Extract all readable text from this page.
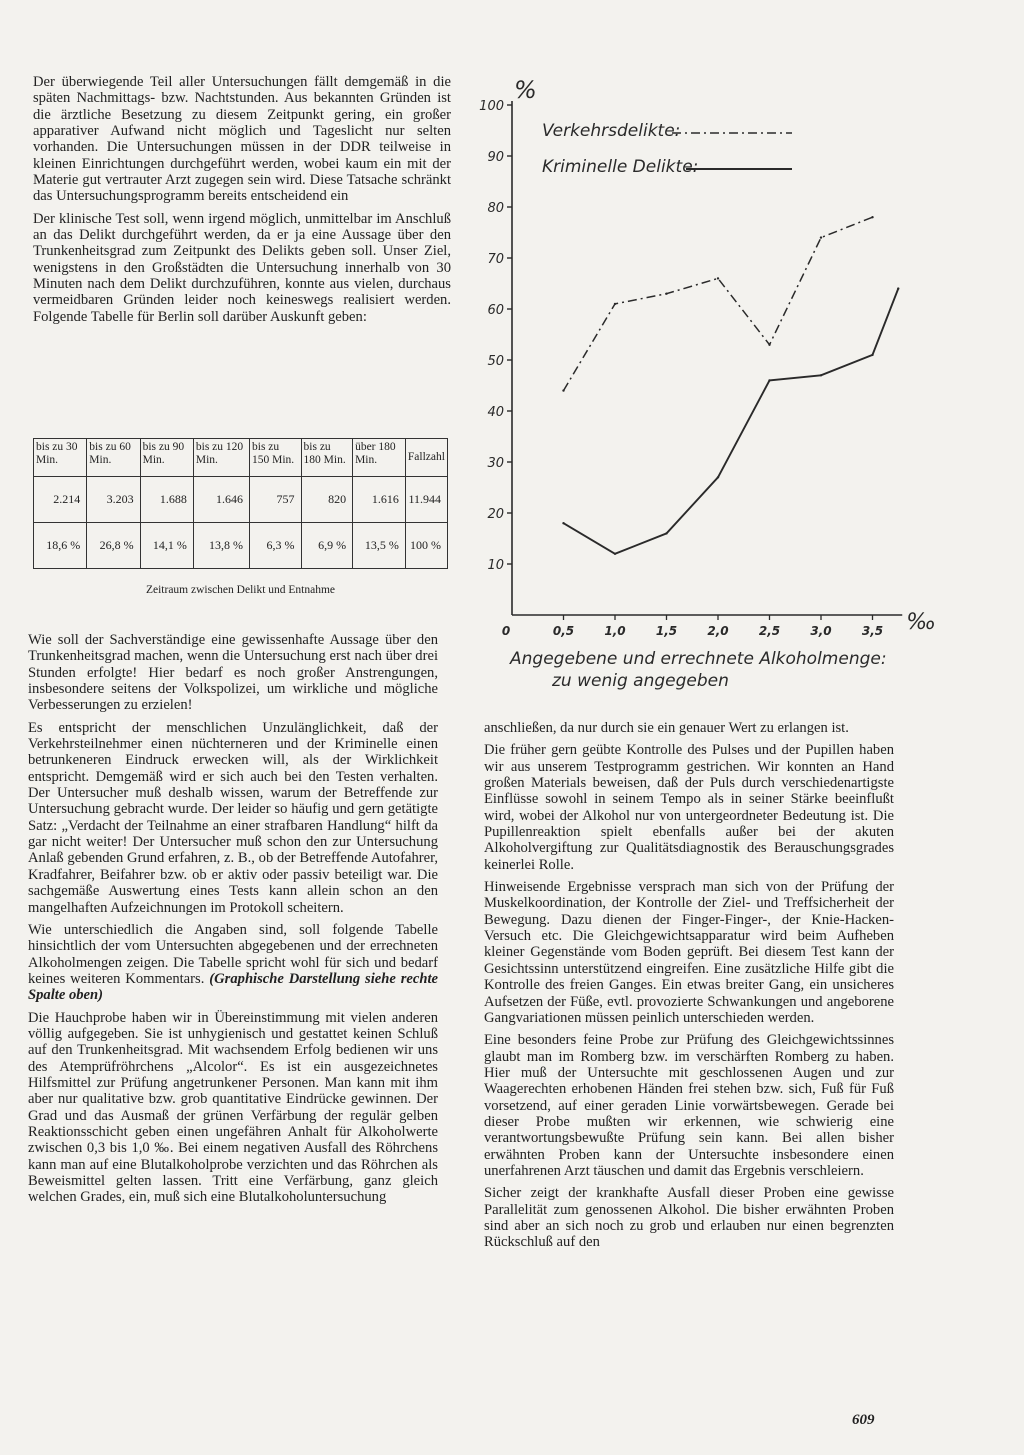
Der überwiegende Teil aller Untersuchungen fällt demgemäß in die späten Nachmittags- bzw. Nachtstunden. Aus bekannten Gründen ist die ärztliche Besetzung zu diesem Zeitpunkt gering, ein großer apparativer Aufwand nicht möglich und Tageslicht nur selten vorhanden. Die Untersuchungen müssen in der DDR teilweise in kleinen Einrichtungen durchgeführt werden, wobei kaum ein mit der Materie gut vertrauter Arzt zugegen sein wird. Diese Tatsache schränkt das Untersuchungsprogramm bereits entscheidend ein

Der klinische Test soll, wenn irgend möglich, unmittelbar im Anschluß an das Delikt durchgeführt werden, da er ja eine Aussage über den Trunkenheitsgrad zum Zeitpunkt des Delikts geben soll. Unser Ziel, wenigstens in den Großstädten die Untersuchung innerhalb von 30 Minuten nach dem Delikt durchzuführen, konnte aus vielen, durchaus vermeidbaren Gründen leider noch keineswegs realisiert werden. Folgende Tabelle für Berlin soll darüber Auskunft geben:

bis zu 30 Min.	bis zu 60 Min.	bis zu 90 Min.	bis zu 120 Min.	bis zu 150 Min.	bis zu 180 Min.	über 180 Min.	Fallzahl
2.214	3.203	1.688	1.646	757	820	1.616	11.944
18,6 %	26,8 %	14,1 %	13,8 %	6,3 %	6,9 %	13,5 %	100 %
Zeitraum zwischen Delikt und Entnahme

Wie soll der Sachverständige eine gewissenhafte Aussage über den Trunkenheitsgrad machen, wenn die Untersuchung erst nach über drei Stunden erfolgte! Hier bedarf es noch großer Anstrengungen, insbesondere seitens der Volkspolizei, um wirkliche und mögliche Verbesserungen zu erzielen!

Es entspricht der menschlichen Unzulänglichkeit, daß der Verkehrsteilnehmer einen nüchterneren und der Kriminelle einen betrunkeneren Eindruck erwecken will, als der Wirklichkeit entspricht. Demgemäß wird er sich auch bei den Testen verhalten. Der Untersucher muß deshalb wissen, warum der Betreffende zur Untersuchung gebracht wurde. Der leider so häufig und gern getätigte Satz: „Verdacht der Teilnahme an einer strafbaren Handlung“ hilft da gar nicht weiter! Der Untersucher muß schon den zur Untersuchung Anlaß gebenden Grund erfahren, z. B., ob der Betreffende Autofahrer, Kradfahrer, Beifahrer bzw. ob er aktiv oder passiv beteiligt war. Die sachgemäße Auswertung eines Tests kann allein schon an den mangelhaften Aufzeichnungen im Protokoll scheitern.

Wie unterschiedlich die Angaben sind, soll folgende Tabelle hinsichtlich der vom Untersuchten abgegebenen und der errechneten Alkoholmengen zeigen. Die Tabelle spricht wohl für sich und bedarf keines weiteren Kommentars. (Graphische Darstellung siehe rechte Spalte oben)

Die Hauchprobe haben wir in Übereinstimmung mit vielen anderen völlig aufgegeben. Sie ist unhygienisch und gestattet keinen Schluß auf den Trunkenheitsgrad. Mit wachsendem Erfolg bedienen wir uns des Atemprüfröhrchens „Alcolor“. Es ist ein ausgezeichnetes Hilfsmittel zur Prüfung angetrunkener Personen. Man kann mit ihm aber nur qualitative bzw. grob quantitative Eindrücke gewinnen. Der Grad und das Ausmaß der grünen Verfärbung der regulär gelben Reaktionsschicht geben einen ungefähren Anhalt für Alkoholwerte zwischen 0,3 bis 1,0 ‰. Bei einem negativen Ausfall des Röhrchens kann man auf eine Blutalkoholprobe verzichten und das Röhrchen als Beweismittel gelten lassen. Tritt eine Verfärbung, ganz gleich welchen Grades, ein, muß sich eine Blutalkoholuntersuchung

%
‰
10
20
30
40
50
60
70
80
90
100
0	0,5	1,0	1,5	2,0	2,5	3,0	3,5
Verkehrsdelikte:
Kriminelle Delikte:
Angegebene und errechnete Alkoholmenge:
zu wenig angegeben

anschließen, da nur durch sie ein genauer Wert zu erlangen ist.

Die früher gern geübte Kontrolle des Pulses und der Pupillen haben wir aus unserem Testprogramm gestrichen. Wir konnten an Hand großen Materials beweisen, daß der Puls durch verschiedenartigste Einflüsse sowohl in seinem Tempo als in seiner Stärke beeinflußt wird, wobei der Alkohol nur von untergeordneter Bedeutung ist. Die Pupillenreaktion spielt ebenfalls außer bei der akuten Alkoholvergiftung zur Qualitätsdiagnostik des Berauschungsgrades keinerlei Rolle.

Hinweisende Ergebnisse versprach man sich von der Prüfung der Muskelkoordination, der Kontrolle der Ziel- und Treffsicherheit der Bewegung. Dazu dienen der Finger-Finger-, der Knie-Hacken-Versuch etc. Die Gleichgewichtsapparatur wird beim Aufheben kleiner Gegenstände vom Boden geprüft. Bei diesem Test kann der Gesichtssinn unterstützend eingreifen. Eine zusätzliche Hilfe gibt die Kontrolle des freien Ganges. Ein etwas breiter Gang, ein unsicheres Aufsetzen der Füße, evtl. provozierte Schwankungen und angeborene Gangvariationen müssen peinlich unterschieden werden.

Eine besonders feine Probe zur Prüfung des Gleichgewichtssinnes glaubt man im Romberg bzw. im verschärften Romberg zu haben. Hier muß der Untersuchte mit geschlossenen Augen und zur Waagerechten erhobenen Händen frei stehen bzw. sich, Fuß für Fuß vorsetzend, auf einer geraden Linie vorwärtsbewegen. Gerade bei dieser Probe mußten wir erkennen, wie schwierig eine verantwortungsbewußte Prüfung sein kann. Bei allen bisher erwähnten Proben kann der Untersuchte insbesondere einen unerfahrenen Arzt täuschen und damit das Ergebnis verschleiern.

Sicher zeigt der krankhafte Ausfall dieser Proben eine gewisse Parallelität zum genossenen Alkohol. Die bisher erwähnten Proben sind aber an sich noch zu grob und erlauben nur einen begrenzten Rückschluß auf den

609
